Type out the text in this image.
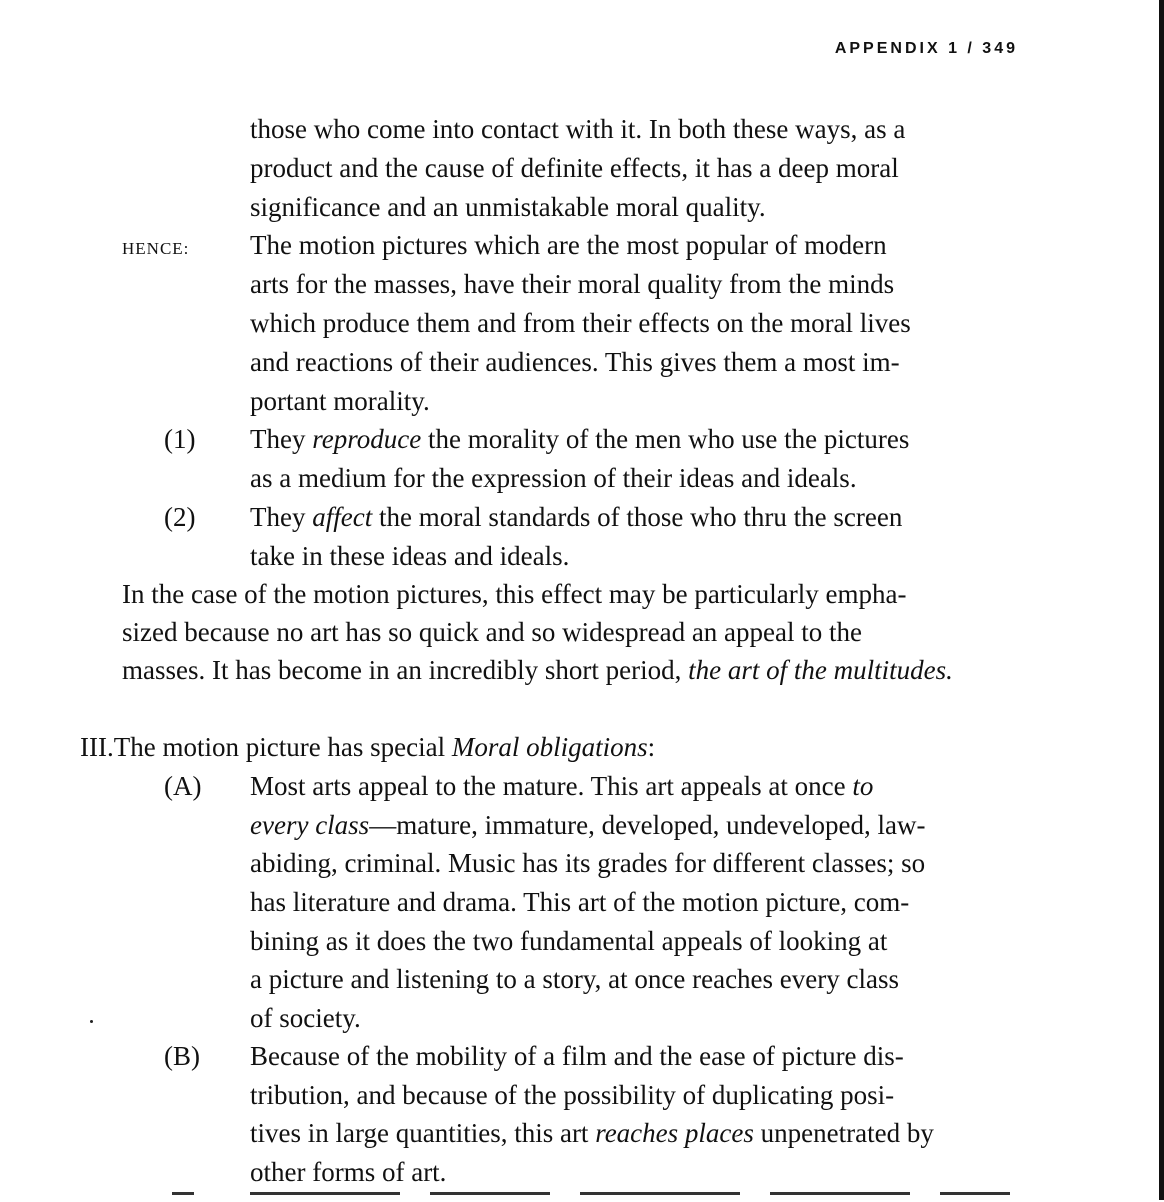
APPENDIX 1 / 349
those who come into contact with it. In both these ways, as a
product and the cause of definite effects, it has a deep moral
significance and an unmistakable moral quality.
HENCE: The motion pictures which are the most popular of modern
arts for the masses, have their moral quality from the minds
which produce them and from their effects on the moral lives
and reactions of their audiences. This gives them a most im-
portant morality.
(1) They reproduce the morality of the men who use the pictures
as a medium for the expression of their ideas and ideals.
(2) They affect the moral standards of those who thru the screen
take in these ideas and ideals.
In the case of the motion pictures, this effect may be particularly empha-
sized because no art has so quick and so widespread an appeal to the
masses. It has become in an incredibly short period, the art of the multitudes.
III.The motion picture has special Moral obligations:
(A) Most arts appeal to the mature. This art appeals at once to
every class—mature, immature, developed, undeveloped, law-
abiding, criminal. Music has its grades for different classes; so
has literature and drama. This art of the motion picture, com-
bining as it does the two fundamental appeals of looking at
a picture and listening to a story, at once reaches every class
of society.
(B) Because of the mobility of a film and the ease of picture dis-
tribution, and because of the possibility of duplicating posi-
tives in large quantities, this art reaches places unpenetrated by
other forms of art.
